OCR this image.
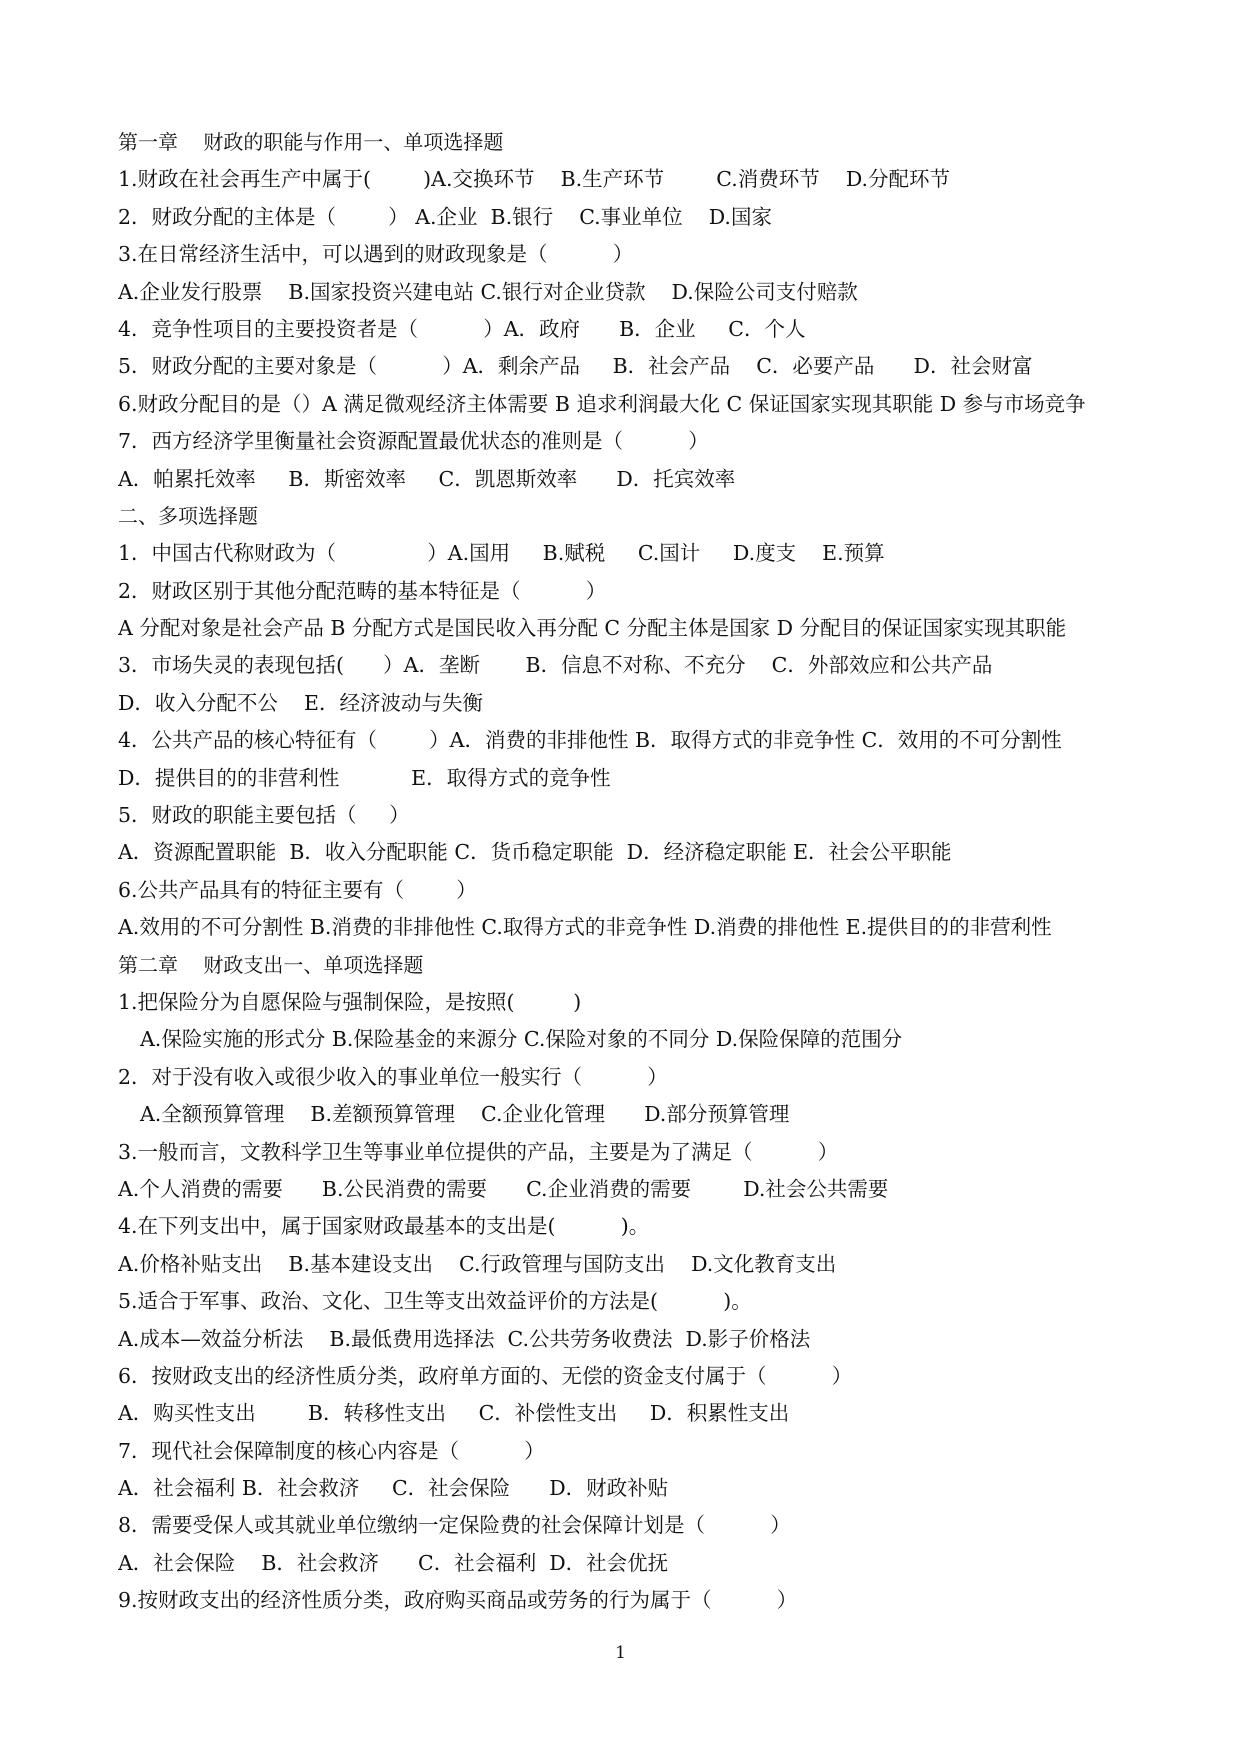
第一章    财政的职能与作用一、单项选择题
1.财政在社会再生产中属于(        )A.交换环节    B.生产环节        C.消费环节    D.分配环节
2．财政分配的主体是（        ） A.企业  B.银行    C.事业单位    D.国家
3.在日常经济生活中，可以遇到的财政现象是（          ）
A.企业发行股票    B.国家投资兴建电站 C.银行对企业贷款    D.保险公司支付赔款
4．竞争性项目的主要投资者是（          ）A．政府      B．企业     C．个人
5．财政分配的主要对象是（          ）A．剩余产品     B．社会产品    C．必要产品      D．社会财富
6.财政分配目的是（）A 满足微观经济主体需要 B 追求利润最大化 C 保证国家实现其职能 D 参与市场竞争
7．西方经济学里衡量社会资源配置最优状态的准则是（          ）
A．帕累托效率     B．斯密效率     C．凯恩斯效率      D．托宾效率
二、多项选择题
1．中国古代称财政为（              ）A.国用     B.赋税     C.国计     D.度支    E.预算
2．财政区别于其他分配范畴的基本特征是（          ）
A 分配对象是社会产品 B 分配方式是国民收入再分配 C 分配主体是国家 D 分配目的保证国家实现其职能
3．市场失灵的表现包括(      ）A．垄断       B．信息不对称、不充分    C．外部效应和公共产品
D．收入分配不公    E．经济波动与失衡
4．公共产品的核心特征有（        ）A．消费的非排他性 B．取得方式的非竞争性 C．效用的不可分割性
D．提供目的的非营利性           E．取得方式的竞争性
5．财政的职能主要包括（     ）
A．资源配置职能  B．收入分配职能 C．货币稳定职能  D．经济稳定职能 E．社会公平职能
6.公共产品具有的特征主要有（        ）
A.效用的不可分割性 B.消费的非排他性 C.取得方式的非竞争性 D.消费的排他性 E.提供目的的非营利性
第二章    财政支出一、单项选择题
1.把保险分为自愿保险与强制保险，是按照(         )
A.保险实施的形式分 B.保险基金的来源分 C.保险对象的不同分 D.保险保障的范围分
2．对于没有收入或很少收入的事业单位一般实行（          ）
A.全额预算管理    B.差额预算管理    C.企业化管理      D.部分预算管理
3.一般而言，文教科学卫生等事业单位提供的产品，主要是为了满足（          ）
A.个人消费的需要      B.公民消费的需要      C.企业消费的需要        D.社会公共需要
4.在下列支出中，属于国家财政最基本的支出是(          )。
A.价格补贴支出    B.基本建设支出    C.行政管理与国防支出    D.文化教育支出
5.适合于军事、政治、文化、卫生等支出效益评价的方法是(          )。
A.成本—效益分析法    B.最低费用选择法  C.公共劳务收费法  D.影子价格法
6．按财政支出的经济性质分类，政府单方面的、无偿的资金支付属于（          ）
A．购买性支出        B．转移性支出     C．补偿性支出     D．积累性支出
7．现代社会保障制度的核心内容是（          ）
A．社会福利 B．社会救济     C．社会保险      D．财政补贴
8．需要受保人或其就业单位缴纳一定保险费的社会保障计划是（          ）
A．社会保险    B．社会救济      C．社会福利  D．社会优抚
9.按财政支出的经济性质分类，政府购买商品或劳务的行为属于（          ）
1
